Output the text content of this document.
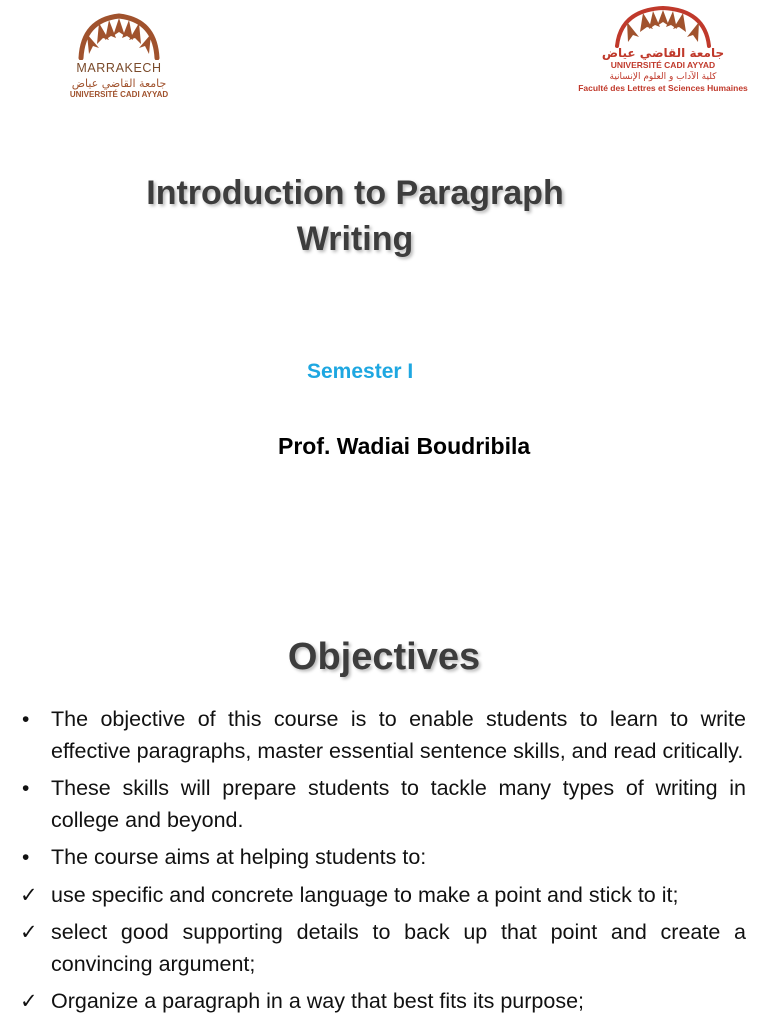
MARRAKECH
جامعة القاضي عياض
UNIVERSITÉ CADI AYYAD
جامعة القاضي عياض
UNIVERSITÉ CADI AYYAD
كلية الآداب و العلوم الإنسانية
Faculté des Lettres et Sciences Humaines
Introduction to Paragraph
Writing
Semester I
Prof. Wadiai Boudribila
Objectives
• The objective of this course is to enable students to learn to write effective paragraphs, master essential sentence skills, and read critically.
• These skills will prepare students to tackle many types of writing in college and beyond.
• The course aims at helping students to:
✓ use specific and concrete language to make a point and stick to it;
✓ select good supporting details to back up that point and create a convincing argument;
✓ Organize a paragraph in a way that best fits its purpose;
